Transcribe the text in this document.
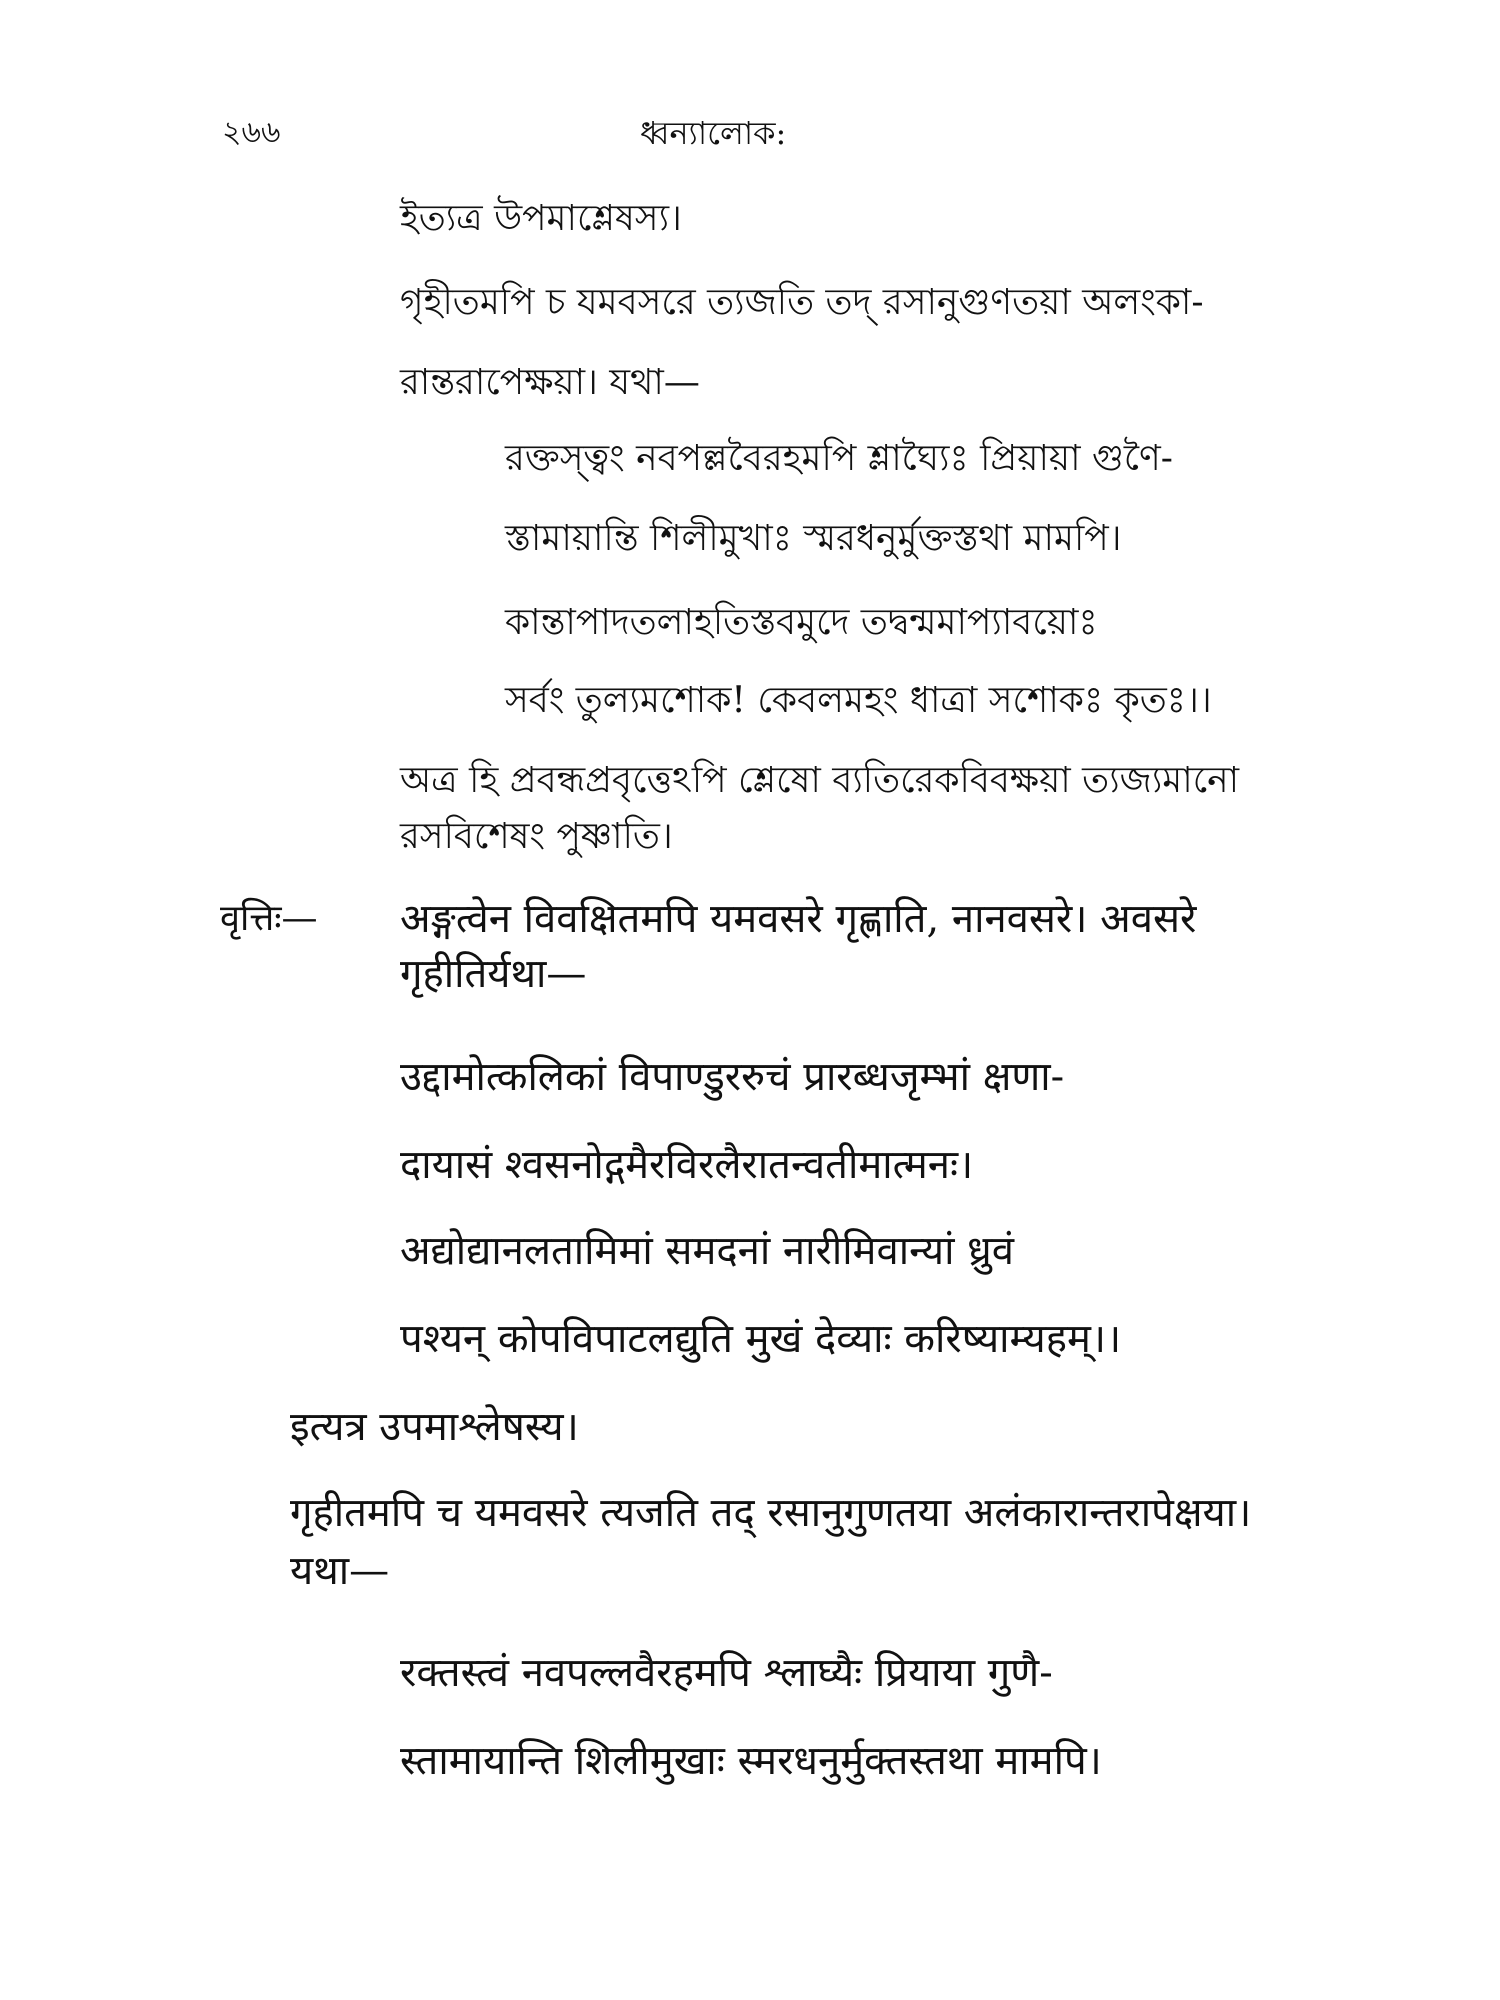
২৬৬	ধ্বন্যালোক:
ইত্যত্র উপমাশ্লেষস্য।
গৃহীতমপি চ যমবসরে ত্যজতি তদ্ রসানুগুণতয়া অলংকা-
রান্তরাপেক্ষয়া। যথা—
রক্তস্ত্বং নবপল্লবৈরহমপি শ্লাঘ্যৈঃ প্রিয়ায়া গুণৈ-
স্তামায়ান্তি শিলীমুখাঃ স্মরধনুর্মুক্তস্তথা মামপি।
কান্তাপাদতলাহতিস্তবমুদে তদ্বন্মমাপ্যাবয়োঃ
সর্বং তুল্যমশোক! কেবলমহং ধাত্রা সশোকঃ কৃতঃ।।
অত্র হি প্রবন্ধপ্রবৃত্তেঽপি শ্লেষো ব্যতিরেকবিবক্ষয়া ত্যজ্যমানো
রসবিশেষং পুষ্ণাতি।
वृत्तिः— अङ्गत्वेन विवक्षितमपि यमवसरे गृह्णाति, नानवसरे। अवसरे
गृहीतिर्यथा—
उद्दामोत्कलिकां विपाण्डुररुचं प्रारब्धजृम्भां क्षणा-
दायासं श्वसनोद्गमैरविरलैरातन्वतीमात्मनः।
अद्योद्यानलतामिमां समदनां नारीमिवान्यां ध्रुवं
पश्यन् कोपविपाटलद्युति मुखं देव्याः करिष्याम्यहम्।।
इत्यत्र उपमाश्लेषस्य।
गृहीतमपि च यमवसरे त्यजति तद् रसानुगुणतया अलंकारान्तरापेक्षया।
यथा—
रक्तस्त्वं नवपल्लवैरहमपि श्लाघ्यैः प्रियाया गुणै-
स्तामायान्ति शिलीमुखाः स्मरधनुर्मुक्तस्तथा मामपि।
